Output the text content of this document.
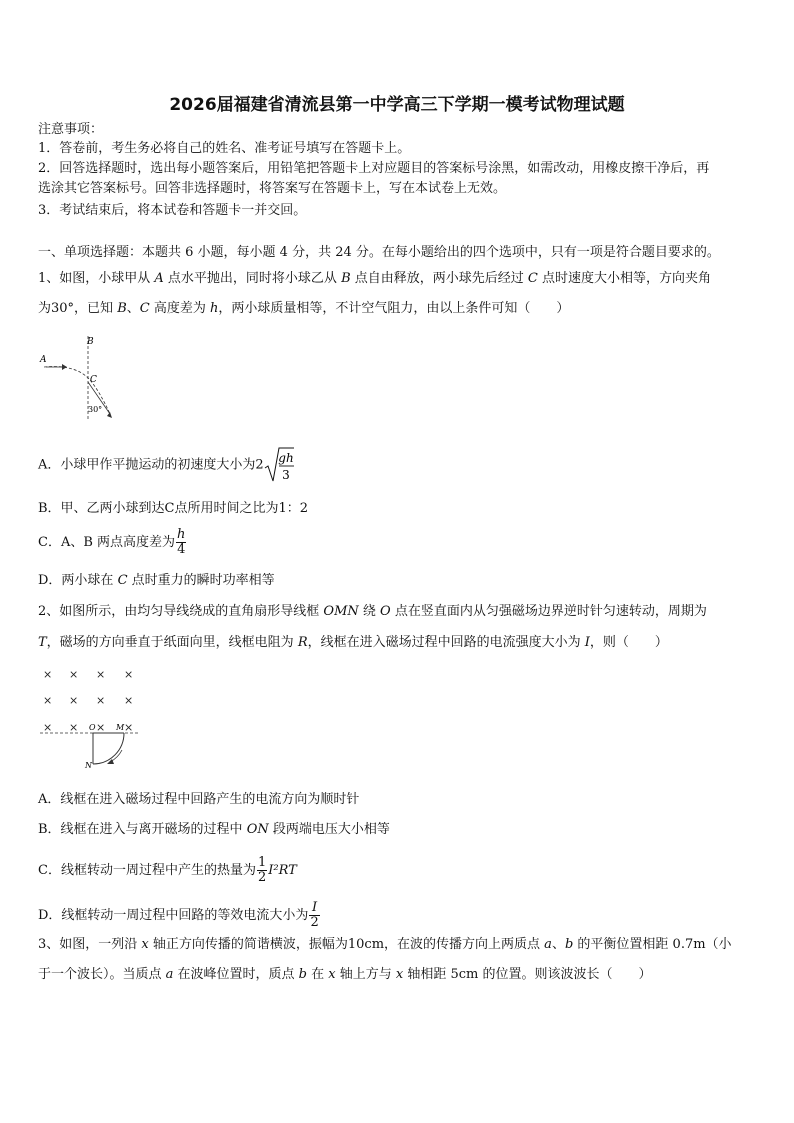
2026届福建省清流县第一中学高三下学期一模考试物理试题
注意事项：
1．答卷前，考生务必将自己的姓名、准考证号填写在答题卡上。
2．回答选择题时，选出每小题答案后，用铅笔把答题卡上对应题目的答案标号涂黑，如需改动，用橡皮擦干净后，再
选涂其它答案标号。回答非选择题时，将答案写在答题卡上，写在本试卷上无效。
3．考试结束后，将本试卷和答题卡一并交回。
一、单项选择题：本题共 6 小题，每小题 4 分，共 24 分。在每小题给出的四个选项中，只有一项是符合题目要求的。
1、如图，小球甲从 A 点水平抛出，同时将小球乙从 B 点自由释放，两小球先后经过 C 点时速度大小相等，方向夹角
为30°，已知 B、C 高度差为 h，两小球质量相等，不计空气阻力，由以上条件可知（　　）
A
B
C
30°
A．小球甲作平抛运动的初速度大小为2 gh
3
B．甲、乙两小球到达C点所用时间之比为1：2
C．A、B 两点高度差为 $\frac{h}{4}$
D．两小球在 C 点时重力的瞬时功率相等
2、如图所示，由均匀导线绕成的直角扇形导线框 OMN 绕 O 点在竖直面内从匀强磁场边界逆时针匀速转动，周期为
T，磁场的方向垂直于纸面向里，线框电阻为 R，线框在进入磁场过程中回路的电流强度大小为 I，则（　　）
× × × ×
× × × ×
× × × ×
O	M
N
A．线框在进入磁场过程中回路产生的电流方向为顺时针
B．线框在进入与离开磁场的过程中 ON 段两端电压大小相等
C．线框转动一周过程中产生的热量为 $\frac{1}{2} I^2RT$
D．线框转动一周过程中回路的等效电流大小为 $\frac{I}{2}$
3、如图，一列沿 x 轴正方向传播的简谐横波，振幅为10cm，在波的传播方向上两质点 a、b 的平衡位置相距 0.7m（小
于一个波长）。当质点 a 在波峰位置时，质点 b 在 x 轴上方与 x 轴相距 5cm 的位置。则该波波长（　　）
